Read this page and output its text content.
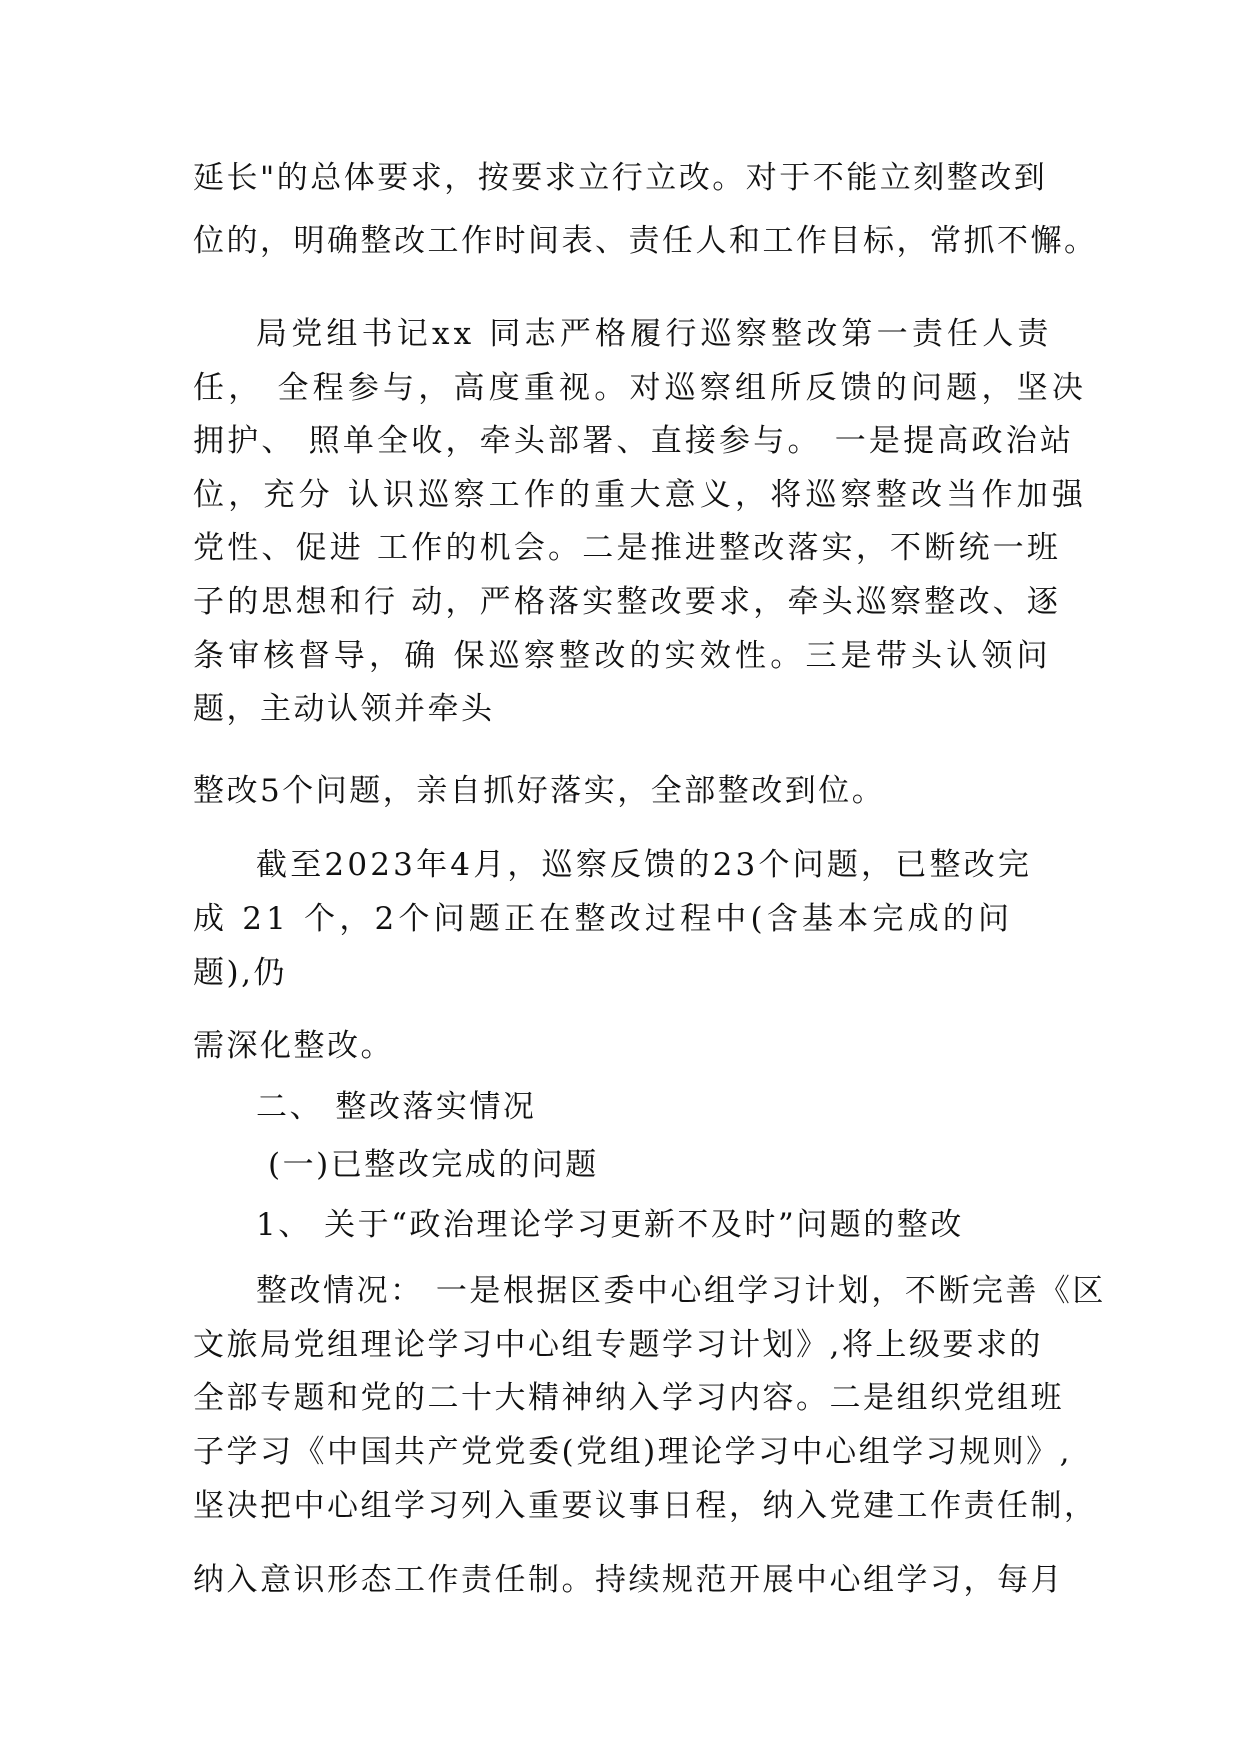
延长"的总体要求，按要求立行立改。对于不能立刻整改到
位的，明确整改工作时间表、责任人和工作目标，常抓不懈。
局党组书记xx 同志严格履行巡察整改第一责任人责
任， 全程参与，高度重视。对巡察组所反馈的问题，坚决
拥护、 照单全收，牵头部署、直接参与。 一是提高政治站
位，充分 认识巡察工作的重大意义，将巡察整改当作加强
党性、促进 工作的机会。二是推进整改落实，不断统一班
子的思想和行 动，严格落实整改要求，牵头巡察整改、逐
条审核督导，确 保巡察整改的实效性。三是带头认领问
题，主动认领并牵头
整改5个问题，亲自抓好落实，全部整改到位。
截至2023年4月，巡察反馈的23个问题，已整改完
成 21 个，2个问题正在整改过程中(含基本完成的问
题),仍
需深化整改。
二、 整改落实情况
(一)已整改完成的问题
1、 关于“政治理论学习更新不及时”问题的整改
整改情况： 一是根据区委中心组学习计划，不断完善《区
文旅局党组理论学习中心组专题学习计划》,将上级要求的
全部专题和党的二十大精神纳入学习内容。二是组织党组班
子学习《中国共产党党委(党组)理论学习中心组学习规则》,
坚决把中心组学习列入重要议事日程，纳入党建工作责任制，
纳入意识形态工作责任制。持续规范开展中心组学习，每月
